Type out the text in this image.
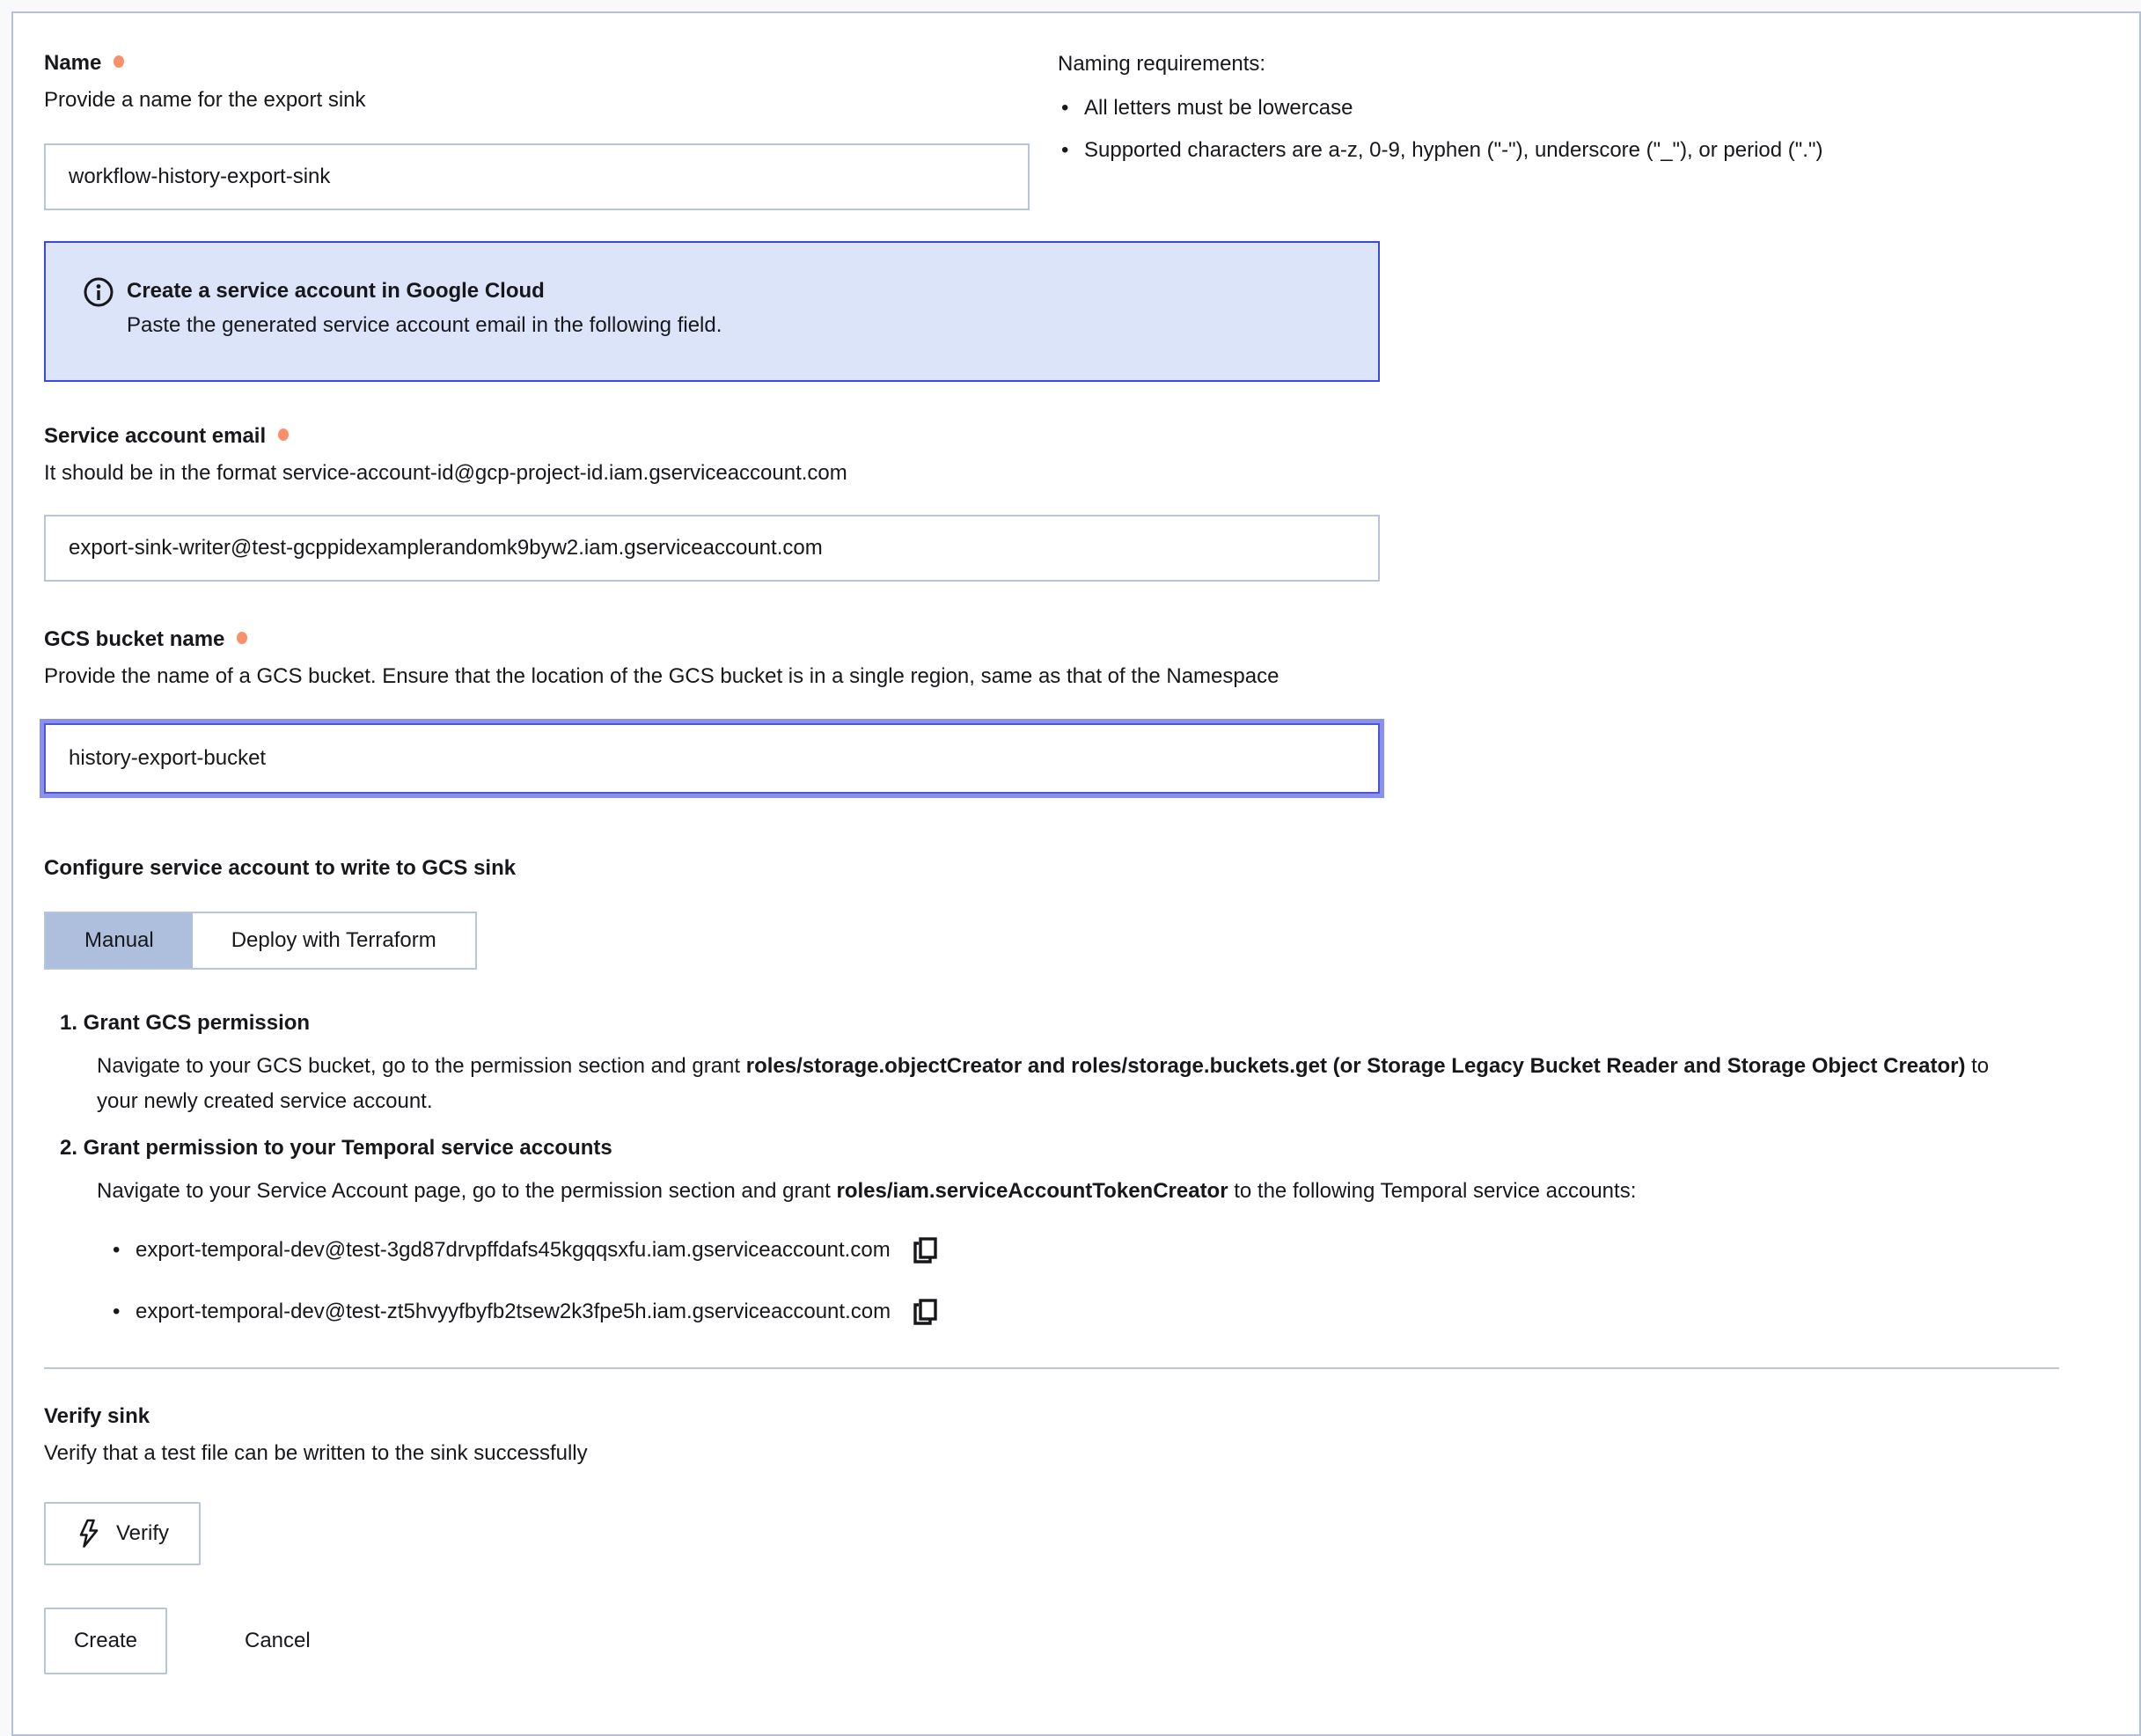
Name
Provide a name for the export sink
workflow-history-export-sink
Naming requirements:
• All letters must be lowercase
• Supported characters are a-z, 0-9, hyphen ("-"), underscore ("_"), or period (".")
Create a service account in Google Cloud
Paste the generated service account email in the following field.
Service account email
It should be in the format service-account-id@gcp-project-id.iam.gserviceaccount.com
export-sink-writer@test-gcppidexamplerandomk9byw2.iam.gserviceaccount.com
GCS bucket name
Provide the name of a GCS bucket. Ensure that the location of the GCS bucket is in a single region, same as that of the Namespace
history-export-bucket
Configure service account to write to GCS sink
Manual	Deploy with Terraform
1. Grant GCS permission
Navigate to your GCS bucket, go to the permission section and grant roles/storage.objectCreator and roles/storage.buckets.get (or Storage Legacy Bucket Reader and Storage Object Creator) to your newly created service account.
2. Grant permission to your Temporal service accounts
Navigate to your Service Account page, go to the permission section and grant roles/iam.serviceAccountTokenCreator to the following Temporal service accounts:
• export-temporal-dev@test-3gd87drvpffdafs45kgqqsxfu.iam.gserviceaccount.com
• export-temporal-dev@test-zt5hvyyfbyfb2tsew2k3fpe5h.iam.gserviceaccount.com
Verify sink
Verify that a test file can be written to the sink successfully
Verify
Create	Cancel
